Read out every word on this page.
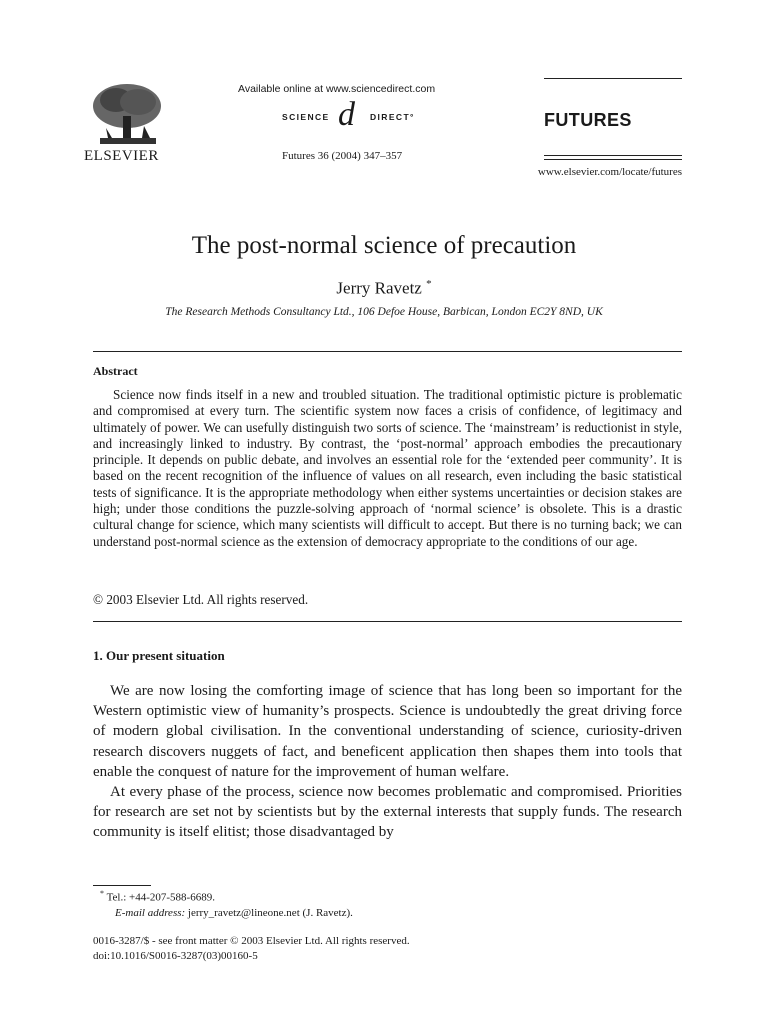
ELSEVIER
Available online at www.sciencedirect.com
SCIENCE d DIRECT°
Futures 36 (2004) 347–357
FUTURES
www.elsevier.com/locate/futures
The post-normal science of precaution
Jerry Ravetz *
The Research Methods Consultancy Ltd., 106 Defoe House, Barbican, London EC2Y 8ND, UK
Abstract

Science now finds itself in a new and troubled situation. The traditional optimistic picture is problematic and compromised at every turn. The scientific system now faces a crisis of confidence, of legitimacy and ultimately of power. We can usefully distinguish two sorts of science. The ‘mainstream’ is reductionist in style, and increasingly linked to industry. By contrast, the ‘post-normal’ approach embodies the precautionary principle. It depends on public debate, and involves an essential role for the ‘extended peer community’. It is based on the recent recognition of the influence of values on all research, even including the basic statistical tests of significance. It is the appropriate methodology when either systems uncertainties or decision stakes are high; under those conditions the puzzle-solving approach of ‘normal science’ is obsolete. This is a drastic cultural change for science, which many scientists will difficult to accept. But there is no turning back; we can understand post-normal science as the extension of democracy appropriate to the conditions of our age.

© 2003 Elsevier Ltd. All rights reserved.
1. Our present situation

We are now losing the comforting image of science that has long been so important for the Western optimistic view of humanity’s prospects. Science is undoubtedly the great driving force of modern global civilisation. In the conventional understanding of science, curiosity-driven research discovers nuggets of fact, and beneficent application then shapes them into tools that enable the conquest of nature for the improvement of human welfare.

At every phase of the process, science now becomes problematic and compromised. Priorities for research are set not by scientists but by the external interests that supply funds. The research community is itself elitist; those disadvantaged by

* Tel.: +44-207-588-6689.
E-mail address: jerry_ravetz@lineone.net (J. Ravetz).
0016-3287/$ - see front matter © 2003 Elsevier Ltd. All rights reserved.
doi:10.1016/S0016-3287(03)00160-5
